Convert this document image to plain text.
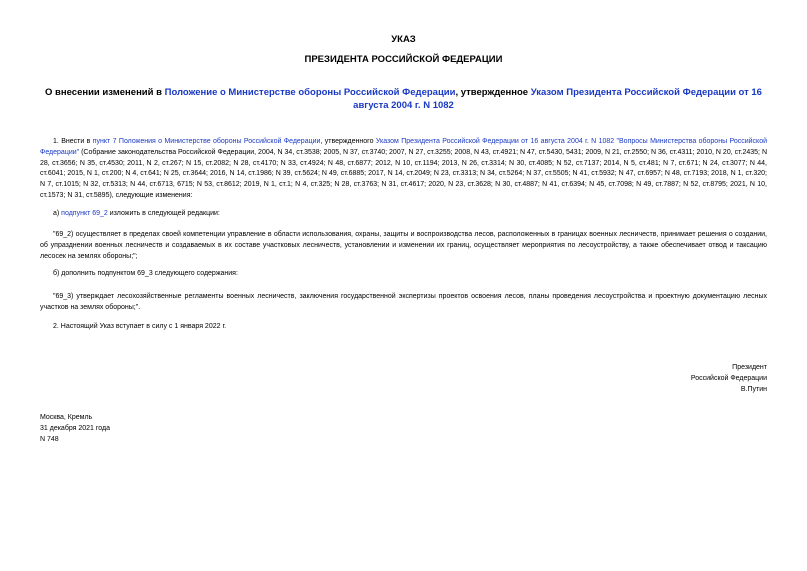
УКАЗ
ПРЕЗИДЕНТА РОССИЙСКОЙ ФЕДЕРАЦИИ
О внесении изменений в Положение о Министерстве обороны Российской Федерации, утвержденное Указом Президента Российской Федерации от 16 августа 2004 г. N 1082
1. Внести в пункт 7 Положения о Министерстве обороны Российской Федерации, утвержденного Указом Президента Российской Федерации от 16 августа 2004 г. N 1082 "Вопросы Министерства обороны Российской Федерации" (Собрание законодательства Российской Федерации, 2004, N 34, ст.3538; 2005, N 37, ст.3740; 2007, N 27, ст.3255; 2008, N 43, ст.4921; N 47, ст.5430, 5431; 2009, N 21, ст.2550; N 36, ст.4311; 2010, N 20, ст.2435; N 28, ст.3656; N 35, ст.4530; 2011, N 2, ст.267; N 15, ст.2082; N 28, ст.4170; N 33, ст.4924; N 48, ст.6877; 2012, N 10, ст.1194; 2013, N 26, ст.3314; N 30, ст.4085; N 52, ст.7137; 2014, N 5, ст.481; N 7, ст.671; N 24, ст.3077; N 44, ст.6041; 2015, N 1, ст.200; N 4, ст.641; N 25, ст.3644; 2016, N 14, ст.1986; N 39, ст.5624; N 49, ст.6885; 2017, N 14, ст.2049; N 23, ст.3313; N 34, ст.5264; N 37, ст.5505; N 41, ст.5932; N 47, ст.6957; N 48, ст.7193; 2018, N 1, ст.320; N 7, ст.1015; N 32, ст.5313; N 44, ст.6713, 6715; N 53, ст.8612; 2019, N 1, ст.1; N 4, ст.325; N 28, ст.3763; N 31, ст.4617; 2020, N 23, ст.3628; N 30, ст.4887; N 41, ст.6394; N 45, ст.7098; N 49, ст.7887; N 52, ст.8795; 2021, N 10, ст.1573; N 31, ст.5895), следующие изменения:
а) подпункт 69_2 изложить в следующей редакции:
"69_2) осуществляет в пределах своей компетенции управление в области использования, охраны, защиты и воспроизводства лесов, расположенных в границах военных лесничеств, принимает решения о создании, об упразднении военных лесничеств и создаваемых в их составе участковых лесничеств, установлении и изменении их границ, осуществляет мероприятия по лесоустройству, а также обеспечивает отвод и таксацию лесосек на землях обороны;";
б) дополнить подпунктом 69_3 следующего содержания:
"69_3) утверждает лесохозяйственные регламенты военных лесничеств, заключения государственной экспертизы проектов освоения лесов, планы проведения лесоустройства и проектную документацию лесных участков на землях обороны;".
2. Настоящий Указ вступает в силу с 1 января 2022 г.
Президент
Российской Федерации
В.Путин
Москва, Кремль
31 декабря 2021 года
N 748
